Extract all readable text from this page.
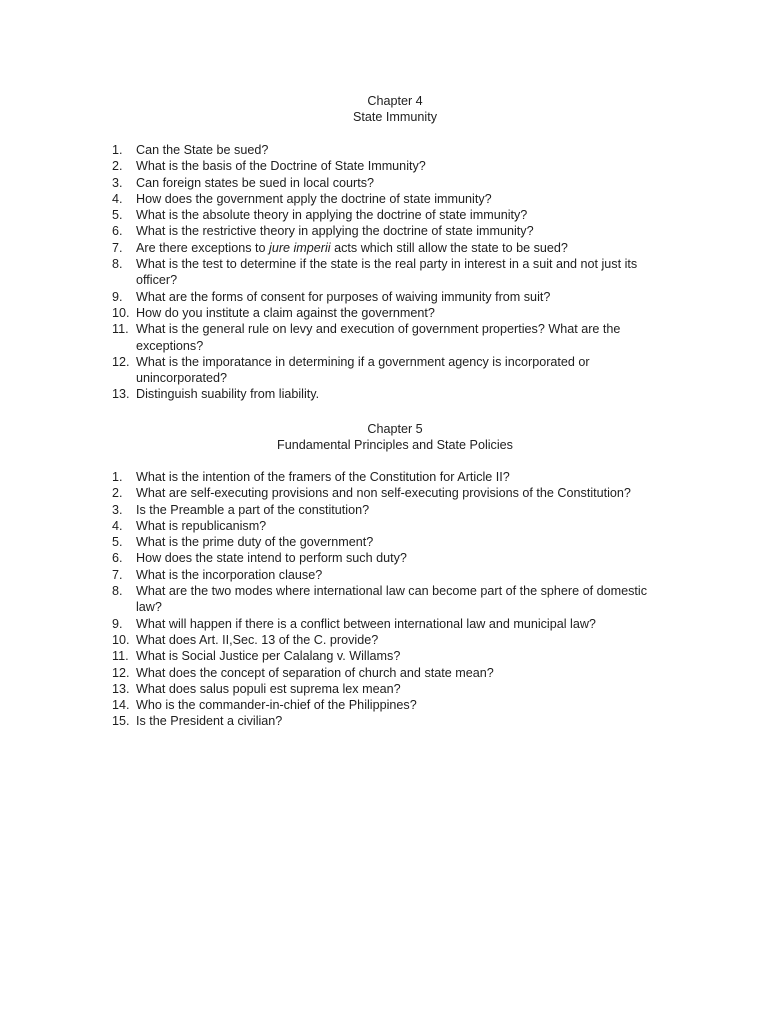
Chapter 4
State Immunity
1. Can the State be sued?
2. What is the basis of the Doctrine of State Immunity?
3. Can foreign states be sued in local courts?
4. How does the government apply the doctrine of state immunity?
5. What is the absolute theory in applying the doctrine of state immunity?
6. What is the restrictive theory in applying the doctrine of state immunity?
7. Are there exceptions to jure imperii acts which still allow the state to be sued?
8. What is the test to determine if the state is the real party in interest in a suit and not just its officer?
9. What are the forms of consent for purposes of waiving immunity from suit?
10. How do you institute a claim against the government?
11. What is the general rule on levy and execution of government properties? What are the exceptions?
12. What is the imporatance in determining if a government agency is incorporated or unincorporated?
13. Distinguish suability from liability.
Chapter 5
Fundamental Principles and State Policies
1. What is the intention of the framers of the Constitution for Article II?
2. What are self-executing provisions and non self-executing provisions of the Constitution?
3. Is the Preamble a part of the constitution?
4. What is republicanism?
5. What is the prime duty of the government?
6. How does the state intend to perform such duty?
7. What is the incorporation clause?
8. What are the two modes where international law can become part of the sphere of domestic law?
9. What will happen if there is a conflict between international law and municipal law?
10. What does Art. II,Sec. 13 of the C. provide?
11. What is Social Justice per Calalang v. Willams?
12. What does the concept of separation of church and state mean?
13. What does salus populi est suprema lex mean?
14. Who is the commander-in-chief of the Philippines?
15. Is the President a civilian?
